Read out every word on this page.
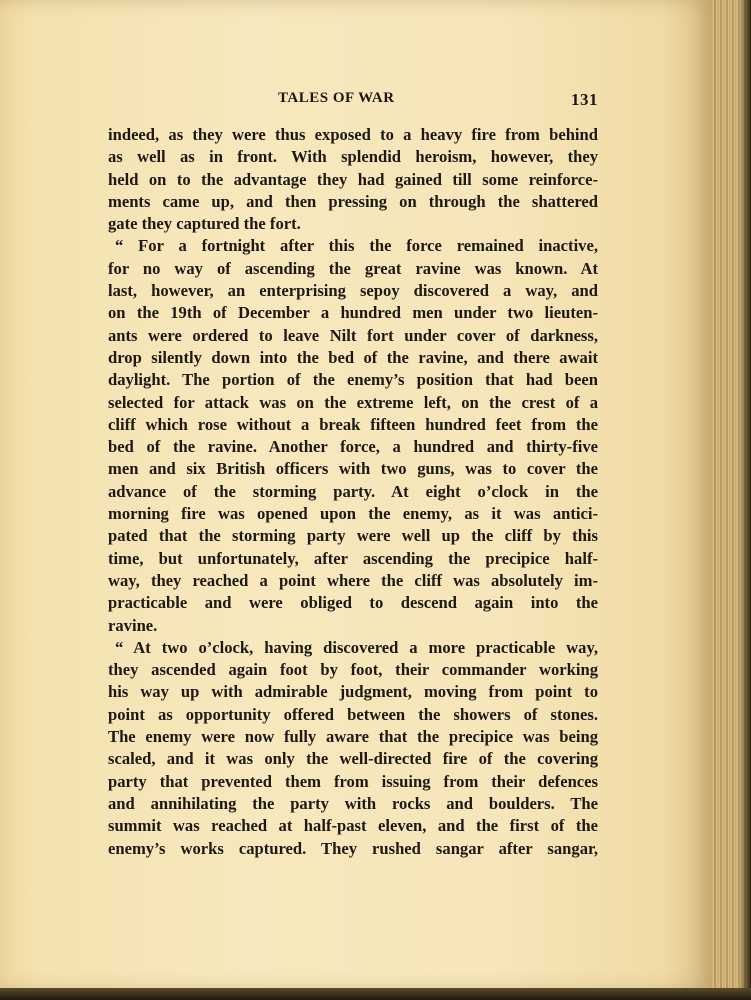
TALES OF WAR	131
indeed, as they were thus exposed to a heavy fire from behind
as well as in front. With splendid heroism, however, they
held on to the advantage they had gained till some reinforce-
ments came up, and then pressing on through the shattered
gate they captured the fort.
“ For a fortnight after this the force remained inactive,
for no way of ascending the great ravine was known. At
last, however, an enterprising sepoy discovered a way, and
on the 19th of December a hundred men under two lieuten-
ants were ordered to leave Nilt fort under cover of darkness,
drop silently down into the bed of the ravine, and there await
daylight. The portion of the enemy’s position that had been
selected for attack was on the extreme left, on the crest of a
cliff which rose without a break fifteen hundred feet from the
bed of the ravine. Another force, a hundred and thirty-five
men and six British officers with two guns, was to cover the
advance of the storming party. At eight o’clock in the
morning fire was opened upon the enemy, as it was antici-
pated that the storming party were well up the cliff by this
time, but unfortunately, after ascending the precipice half-
way, they reached a point where the cliff was absolutely im-
practicable and were obliged to descend again into the
ravine.
“ At two o’clock, having discovered a more practicable way,
they ascended again foot by foot, their commander working
his way up with admirable judgment, moving from point to
point as opportunity offered between the showers of stones.
The enemy were now fully aware that the precipice was being
scaled, and it was only the well-directed fire of the covering
party that prevented them from issuing from their defences
and annihilating the party with rocks and boulders. The
summit was reached at half-past eleven, and the first of the
enemy’s works captured. They rushed sangar after sangar,
